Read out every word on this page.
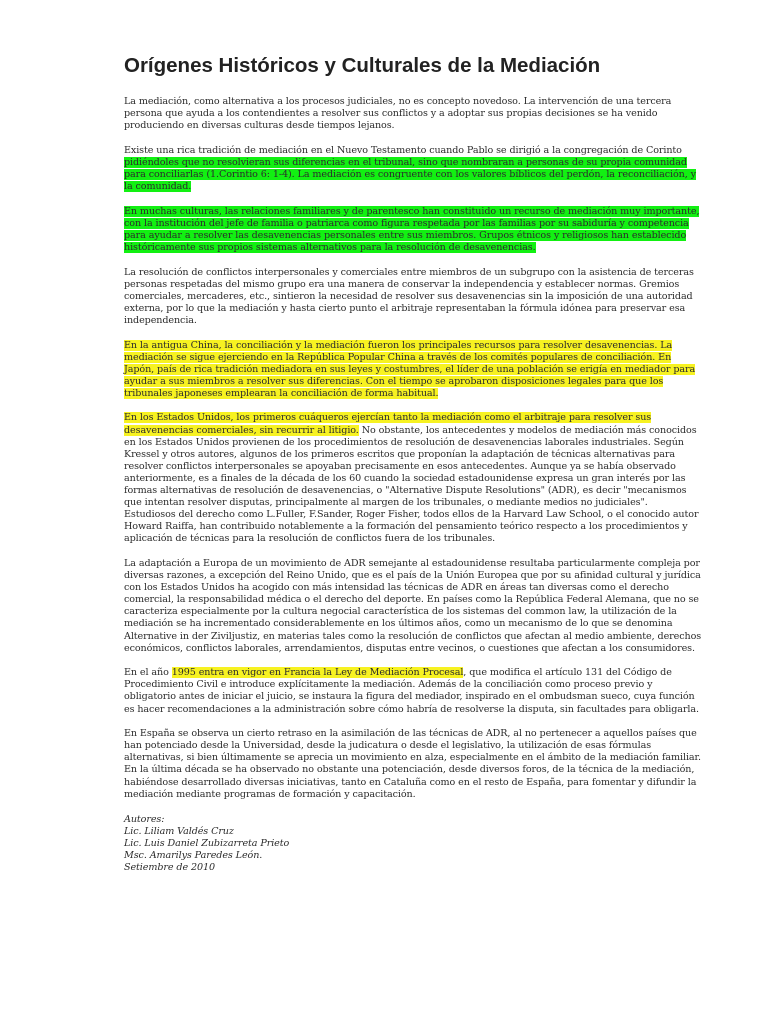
Orígenes Históricos y Culturales de la Mediación

La mediación, como alternativa a los procesos judiciales, no es concepto novedoso. La intervención de una tercera persona que ayuda a los contendientes a resolver sus conflictos y a adoptar sus propias decisiones se ha venido produciendo en diversas culturas desde tiempos lejanos.

Existe una rica tradición de mediación en el Nuevo Testamento cuando Pablo se dirigió a la congregación de Corinto pidiéndoles que no resolvieran sus diferencias en el tribunal, sino que nombraran a personas de su propia comunidad para conciliarlas (1.Corintio 6: 1-4). La mediación es congruente con los valores bíblicos del perdón, la reconciliación, y la comunidad.

En muchas culturas, las relaciones familiares y de parentesco han constituido un recurso de mediación muy importante, con la institución del jefe de familia o patriarca como figura respetada por las familias por su sabiduría y competencia para ayudar a resolver las desavenencias personales entre sus miembros. Grupos étnicos y religiosos han establecido históricamente sus propios sistemas alternativos para la resolución de desavenencias.

La resolución de conflictos interpersonales y comerciales entre miembros de un subgrupo con la asistencia de terceras personas respetadas del mismo grupo era una manera de conservar la independencia y establecer normas. Gremios comerciales, mercaderes, etc., sintieron la necesidad de resolver sus desavenencias sin la imposición de una autoridad externa, por lo que la mediación y hasta cierto punto el arbitraje representaban la fórmula idónea para preservar esa independencia.

En la antigua China, la conciliación y la mediación fueron los principales recursos para resolver desavenencias. La mediación se sigue ejerciendo en la República Popular China a través de los comités populares de conciliación. En Japón, país de rica tradición mediadora en sus leyes y costumbres, el líder de una población se erigía en mediador para ayudar a sus miembros a resolver sus diferencias. Con el tiempo se aprobaron disposiciones legales para que los tribunales japoneses emplearan la conciliación de forma habitual.

En los Estados Unidos, los primeros cuáqueros ejercían tanto la mediación como el arbitraje para resolver sus desavenencias comerciales, sin recurrir al litigio. No obstante, los antecedentes y modelos de mediación más conocidos en los Estados Unidos provienen de los procedimientos de resolución de desavenencias laborales industriales. Según Kressel y otros autores, algunos de los primeros escritos que proponían la adaptación de técnicas alternativas para resolver conflictos interpersonales se apoyaban precisamente en esos antecedentes. Aunque ya se había observado anteriormente, es a finales de la década de los 60 cuando la sociedad estadounidense expresa un gran interés por las formas alternativas de resolución de desavenencias, o "Alternative Dispute Resolutions" (ADR), es decir "mecanismos que intentan resolver disputas, principalmente al margen de los tribunales, o mediante medios no judiciales". Estudiosos del derecho como L.Fuller, F.Sander, Roger Fisher, todos ellos de la Harvard Law School, o el conocido autor Howard Raiffa, han contribuido notablemente a la formación del pensamiento teórico respecto a los procedimientos y aplicación de técnicas para la resolución de conflictos fuera de los tribunales.

La adaptación a Europa de un movimiento de ADR semejante al estadounidense resultaba particularmente compleja por diversas razones, a excepción del Reino Unido, que es el país de la Unión Europea que por su afinidad cultural y jurídica con los Estados Unidos ha acogido con más intensidad las técnicas de ADR en áreas tan diversas como el derecho comercial, la responsabilidad médica o el derecho del deporte. En países como la República Federal Alemana, que no se caracteriza especialmente por la cultura negocial característica de los sistemas del common law, la utilización de la mediación se ha incrementado considerablemente en los últimos años, como un mecanismo de lo que se denomina Alternative in der Ziviljustiz, en materias tales como la resolución de conflictos que afectan al medio ambiente, derechos económicos, conflictos laborales, arrendamientos, disputas entre vecinos, o cuestiones que afectan a los consumidores.

En el año 1995 entra en vigor en Francia la Ley de Mediación Procesal, que modifica el artículo 131 del Código de Procedimiento Civil e introduce explícitamente la mediación. Además de la conciliación como proceso previo y obligatorio antes de iniciar el juicio, se instaura la figura del mediador, inspirado en el ombudsman sueco, cuya función es hacer recomendaciones a la administración sobre cómo habría de resolverse la disputa, sin facultades para obligarla.

En España se observa un cierto retraso en la asimilación de las técnicas de ADR, al no pertenecer a aquellos países que han potenciado desde la Universidad, desde la judicatura o desde el legislativo, la utilización de esas fórmulas alternativas, si bien últimamente se aprecia un movimiento en alza, especialmente en el ámbito de la mediación familiar. En la última década se ha observado no obstante una potenciación, desde diversos foros, de la técnica de la mediación, habiéndose desarrollado diversas iniciativas, tanto en Cataluña como en el resto de España, para fomentar y difundir la mediación mediante programas de formación y capacitación.

Autores:
Lic. Liliam Valdés Cruz
Lic. Luis Daniel Zubizarreta Prieto
Msc. Amarilys Paredes León.
Setiembre de 2010
